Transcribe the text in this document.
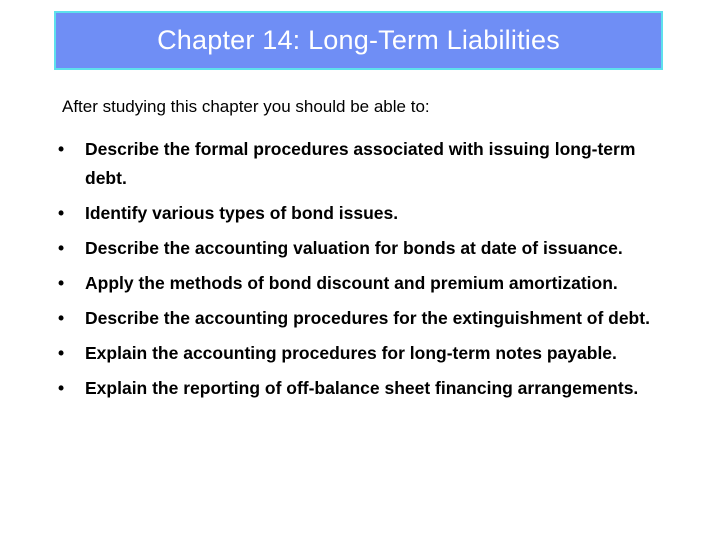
Chapter 14: Long-Term Liabilities
After studying this chapter you should be able to:
•	Describe the formal procedures associated with issuing long-term debt.
•	Identify various types of bond issues.
•	Describe the accounting valuation for bonds at date of issuance.
•	Apply the methods of bond discount and premium amortization.
•	Describe the accounting procedures for the extinguishment of debt.
•	Explain the accounting procedures for long-term notes payable.
•	Explain the reporting of off-balance sheet financing arrangements.
